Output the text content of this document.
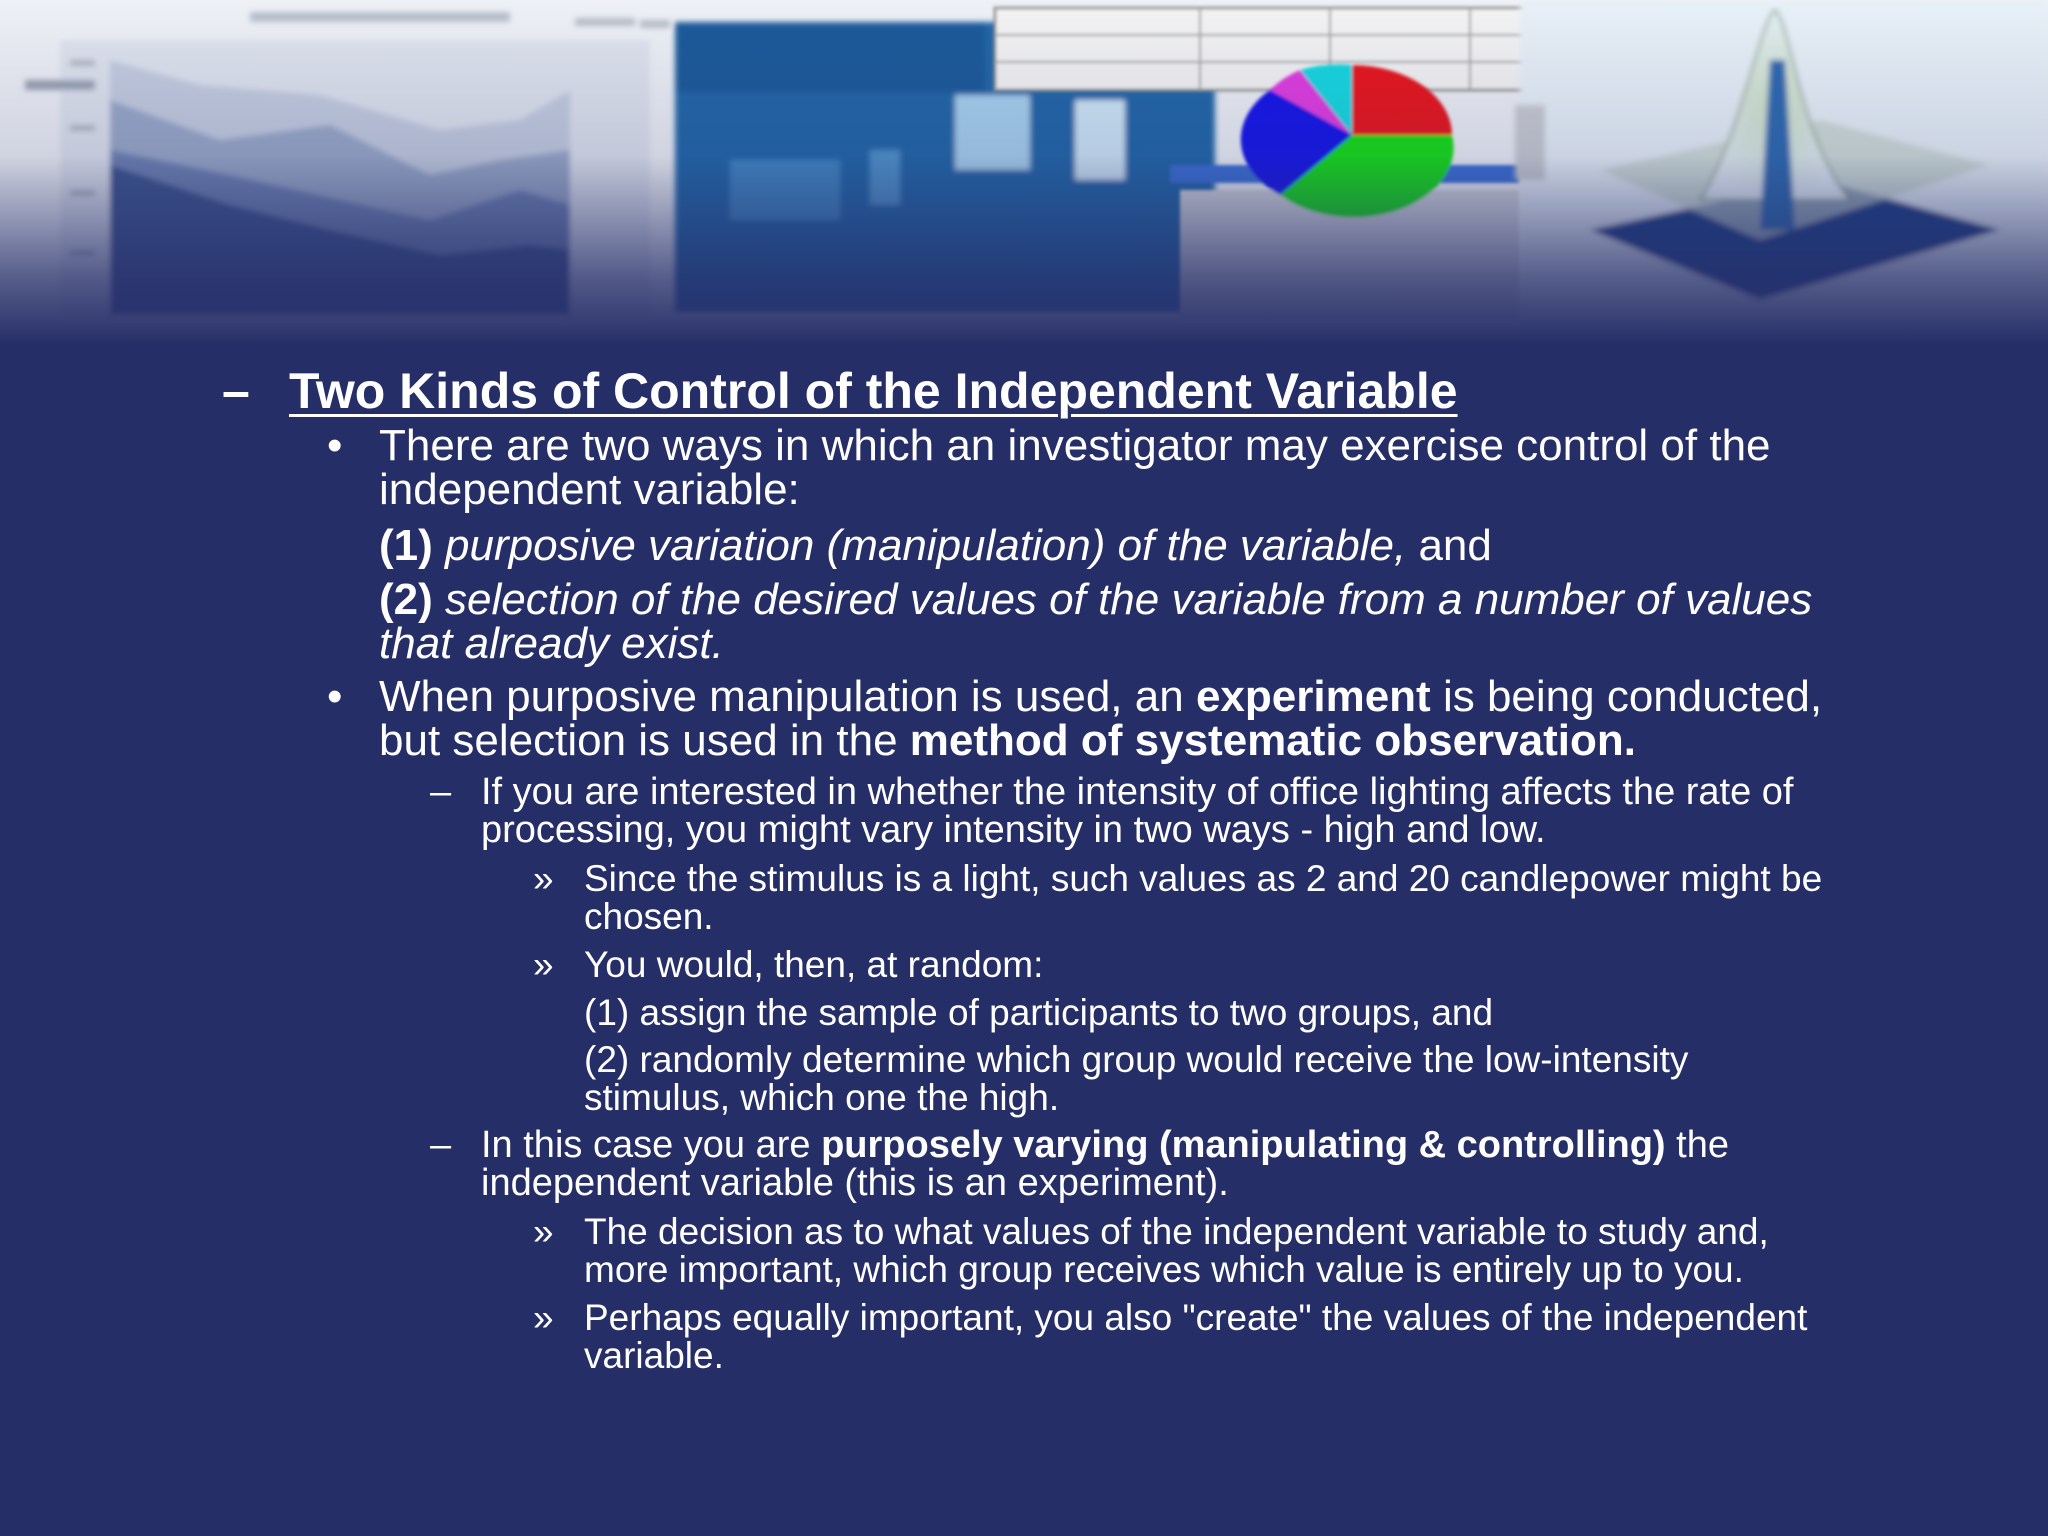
– Two Kinds of Control of the Independent Variable
• There are two ways in which an investigator may exercise control of the
independent variable:
(1) purposive variation (manipulation) of the variable, and
(2) selection of the desired values of the variable from a number of values
that already exist.
• When purposive manipulation is used, an experiment is being conducted,
but selection is used in the method of systematic observation.
– If you are interested in whether the intensity of office lighting affects the rate of
processing, you might vary intensity in two ways - high and low.
» Since the stimulus is a light, such values as 2 and 20 candlepower might be
chosen.
» You would, then, at random:
(1) assign the sample of participants to two groups, and
(2) randomly determine which group would receive the low-intensity
stimulus, which one the high.
– In this case you are purposely varying (manipulating & controlling) the
independent variable (this is an experiment).
» The decision as to what values of the independent variable to study and,
more important, which group receives which value is entirely up to you.
» Perhaps equally important, you also "create" the values of the independent
variable.
